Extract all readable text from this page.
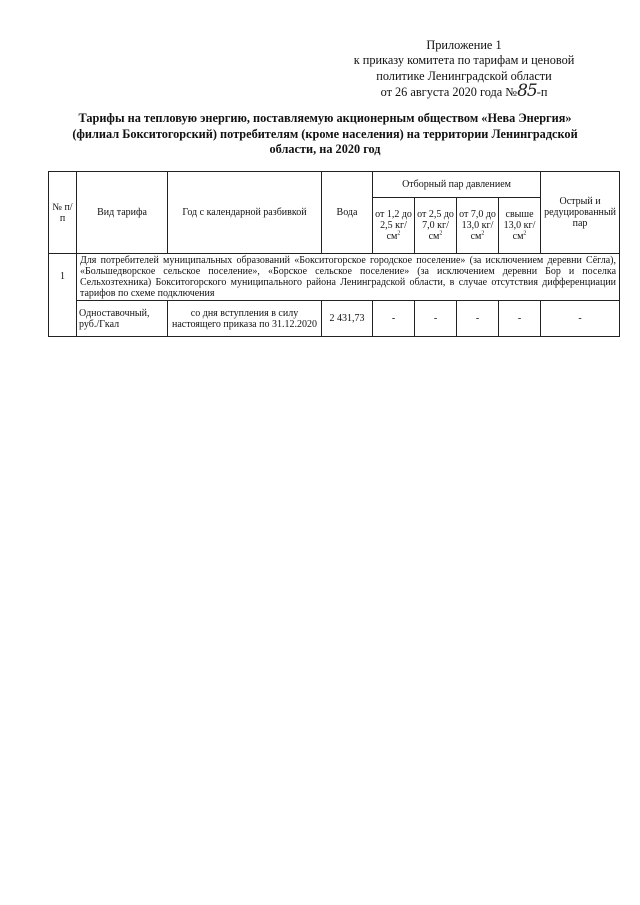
Приложение 1
к приказу комитета по тарифам и ценовой
политике Ленинградской области
от 26 августа 2020 года №85-п
Тарифы на тепловую энергию, поставляемую акционерным обществом «Нева Энергия»
(филиал Бокситогорский) потребителям (кроме населения) на территории Ленинградской
области, на 2020 год
№ п/п	Вид тарифа	Год с календарной разбивкой	Вода	Отборный пар давлением				Острый и редуцированный пар
				от 1,2 до 2,5 $кг/см^2$	от 2,5 до 7,0 $кг/см^2$	от 7,0 до 13,0 $кг/см^2$	свыше 13,0 $кг/см^2$
1	Для потребителей муниципальных образований «Бокситогорское городское поселение» (за исключением деревни Сёгла), «Большедворское сельское поселение», «Борское сельское поселение» (за исключением деревни Бор и поселка Сельхозтехника) Бокситогорского муниципального района Ленинградской области, в случае отсутствия дифференциации тарифов по схеме подключения							
	Одноставочный, руб./Гкал	со дня вступления в силу настоящего приказа по 31.12.2020	2 431,73	-	-	-	-	-
